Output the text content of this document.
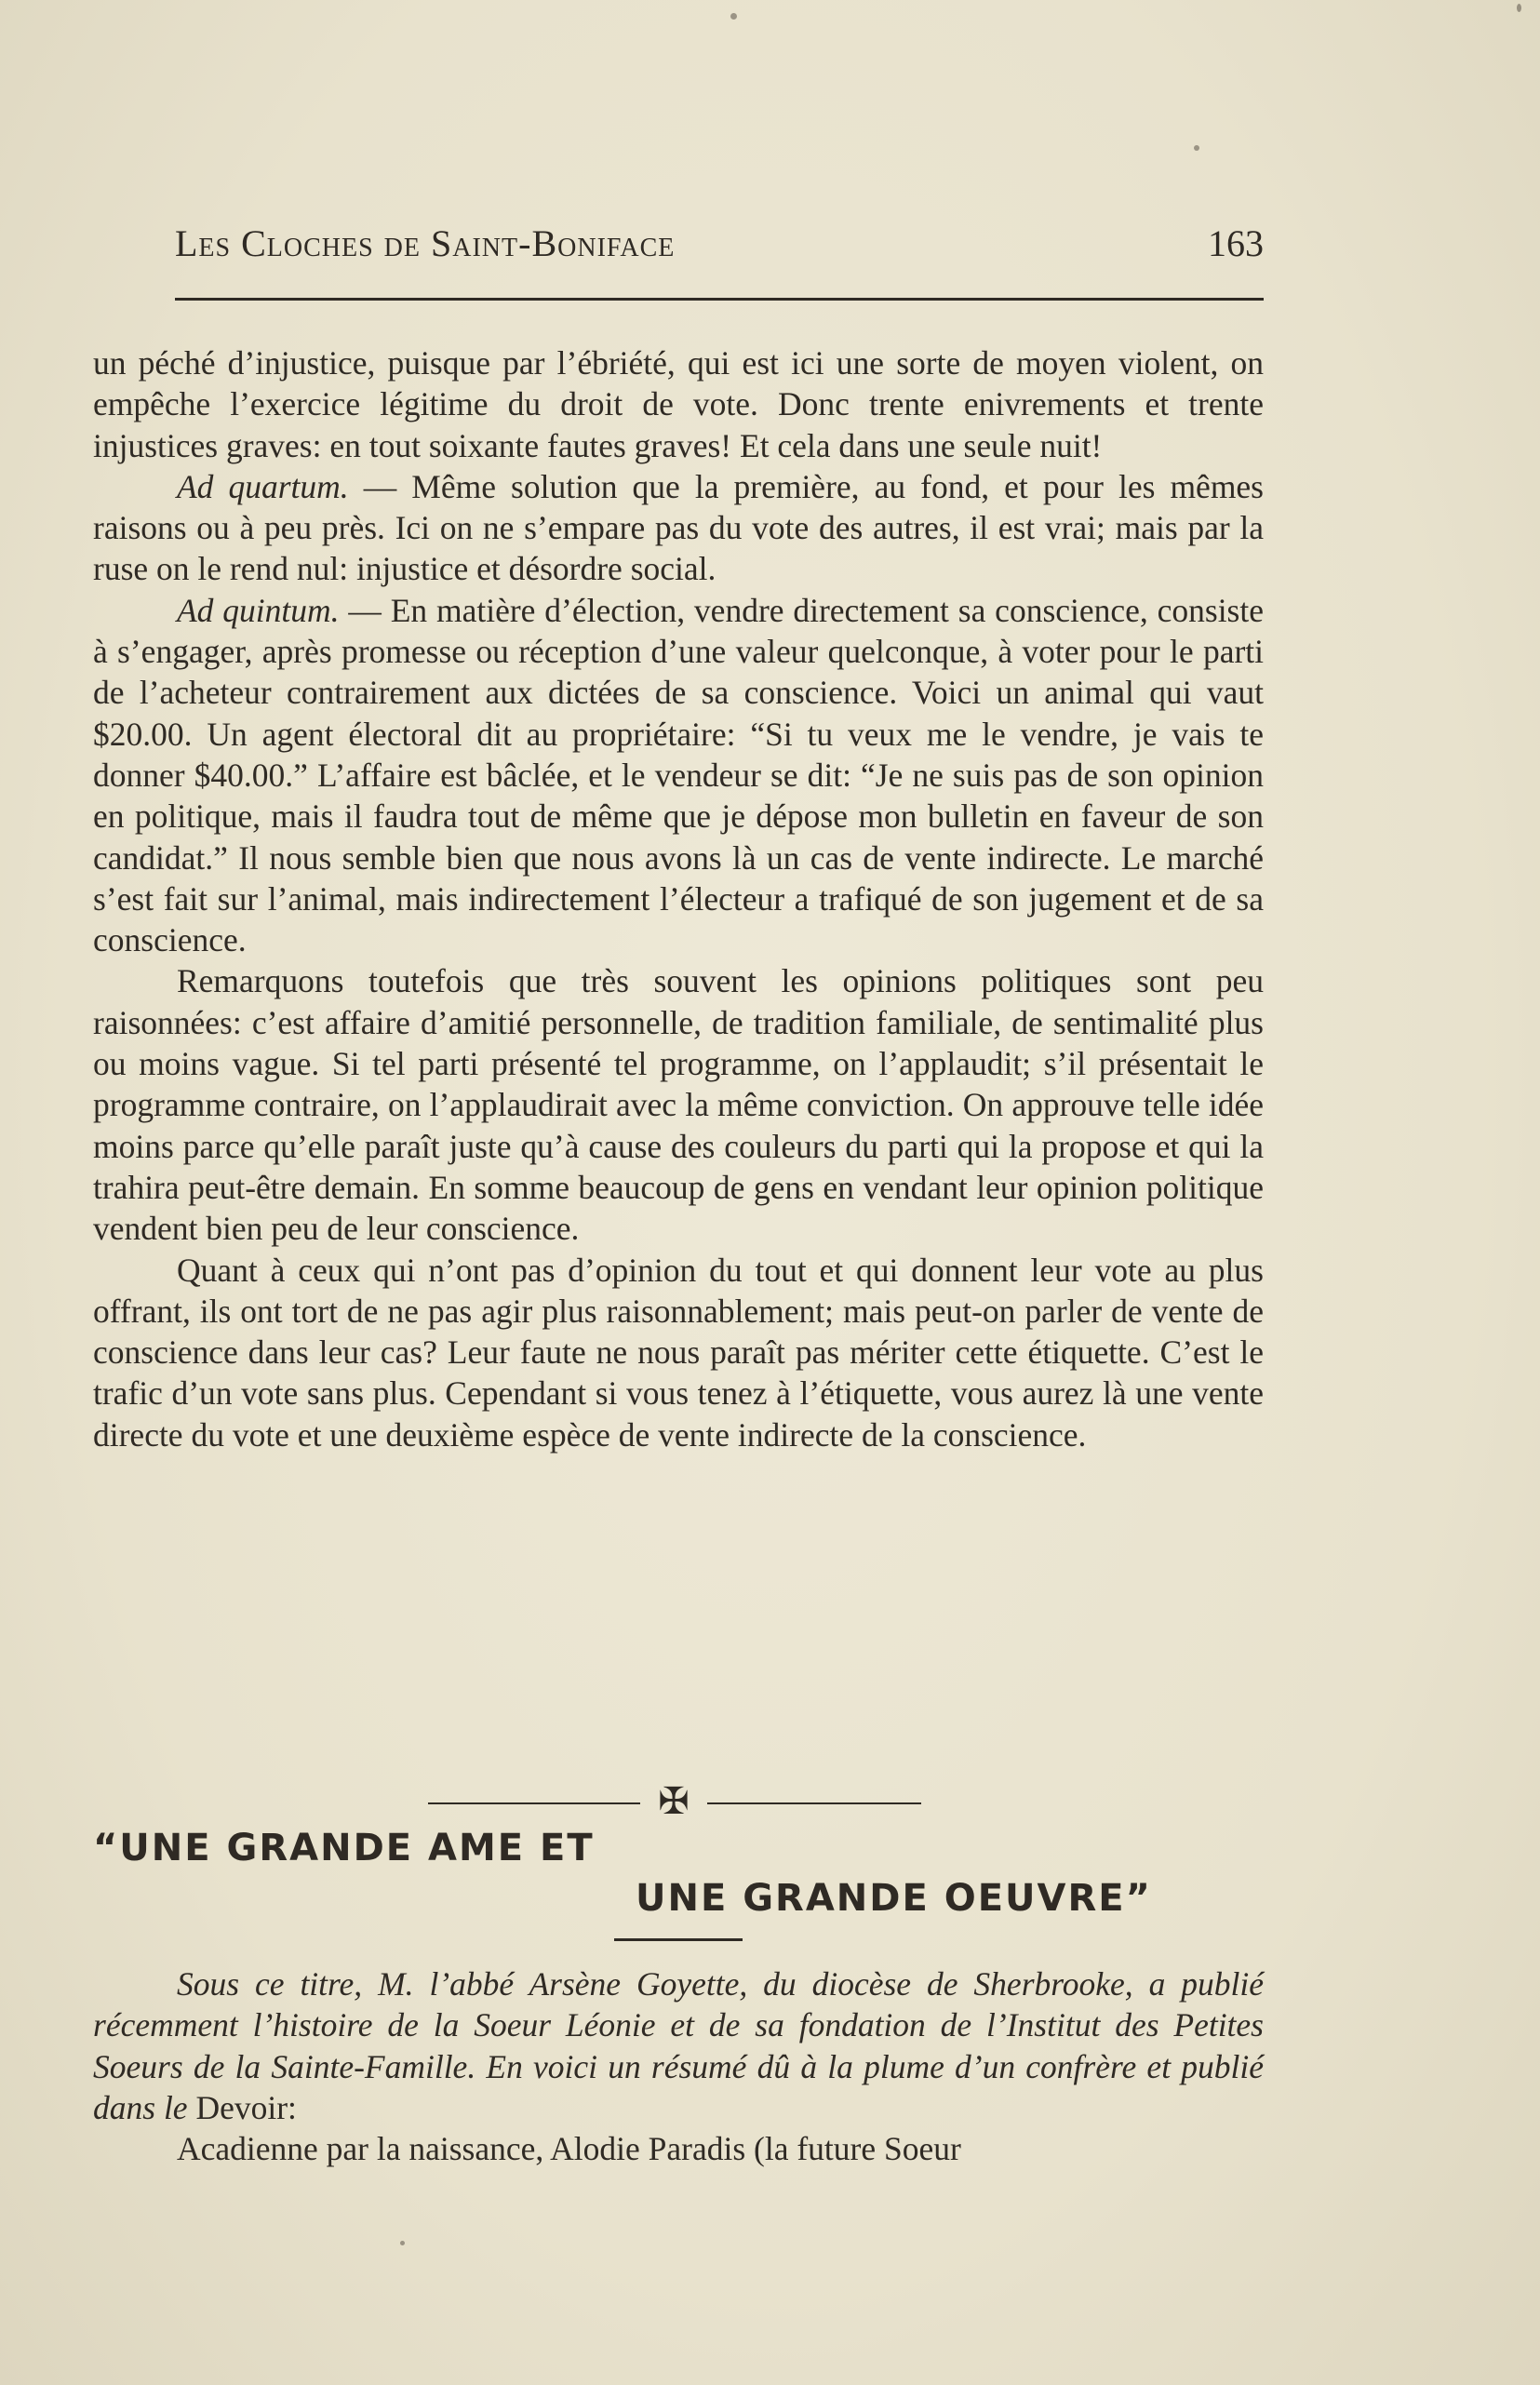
Les Cloches de Saint-Boniface	163

un péché d’injustice, puisque par l’ébriété, qui est ici une sorte de moyen violent, on empêche l’exercice légitime du droit de vote. Donc trente enivrements et trente injustices graves: en tout soixante fautes graves! Et cela dans une seule nuit!

Ad quartum. — Même solution que la première, au fond, et pour les mêmes raisons ou à peu près. Ici on ne s’empare pas du vote des autres, il est vrai; mais par la ruse on le rend nul: injustice et désordre social.

Ad quintum. — En matière d’élection, vendre directement sa conscience, consiste à s’engager, après promesse ou réception d’une valeur quelconque, à voter pour le parti de l’acheteur contrairement aux dictées de sa conscience. Voici un animal qui vaut $20.00. Un agent électoral dit au propriétaire: “Si tu veux me le vendre, je vais te donner $40.00.” L’affaire est bâclée, et le vendeur se dit: “Je ne suis pas de son opinion en politique, mais il faudra tout de même que je dépose mon bulletin en faveur de son candidat.” Il nous semble bien que nous avons là un cas de vente indirecte. Le marché s’est fait sur l’animal, mais indirectement l’électeur a trafiqué de son jugement et de sa conscience.

Remarquons toutefois que très souvent les opinions politiques sont peu raisonnées: c’est affaire d’amitié personnelle, de tradition familiale, de sentimalité plus ou moins vague. Si tel parti présenté tel programme, on l’applaudit; s’il présentait le programme contraire, on l’applaudirait avec la même conviction. On approuve telle idée moins parce qu’elle paraît juste qu’à cause des couleurs du parti qui la propose et qui la trahira peut-être demain. En somme beaucoup de gens en vendant leur opinion politique vendent bien peu de leur conscience.

Quant à ceux qui n’ont pas d’opinion du tout et qui donnent leur vote au plus offrant, ils ont tort de ne pas agir plus raisonnablement; mais peut-on parler de vente de conscience dans leur cas? Leur faute ne nous paraît pas mériter cette étiquette. C’est le trafic d’un vote sans plus. Cependant si vous tenez à l’étiquette, vous aurez là une vente directe du vote et une deuxième espèce de vente indirecte de la conscience.

✠
“UNE GRANDE AME ET
UNE GRANDE OEUVRE”

Sous ce titre, M. l’abbé Arsène Goyette, du diocèse de Sherbrooke, a publié récemment l’histoire de la Soeur Léonie et de sa fondation de l’Institut des Petites Soeurs de la Sainte-Famille. En voici un résumé dû à la plume d’un confrère et publié dans le Devoir:

Acadienne par la naissance, Alodie Paradis (la future Soeur
